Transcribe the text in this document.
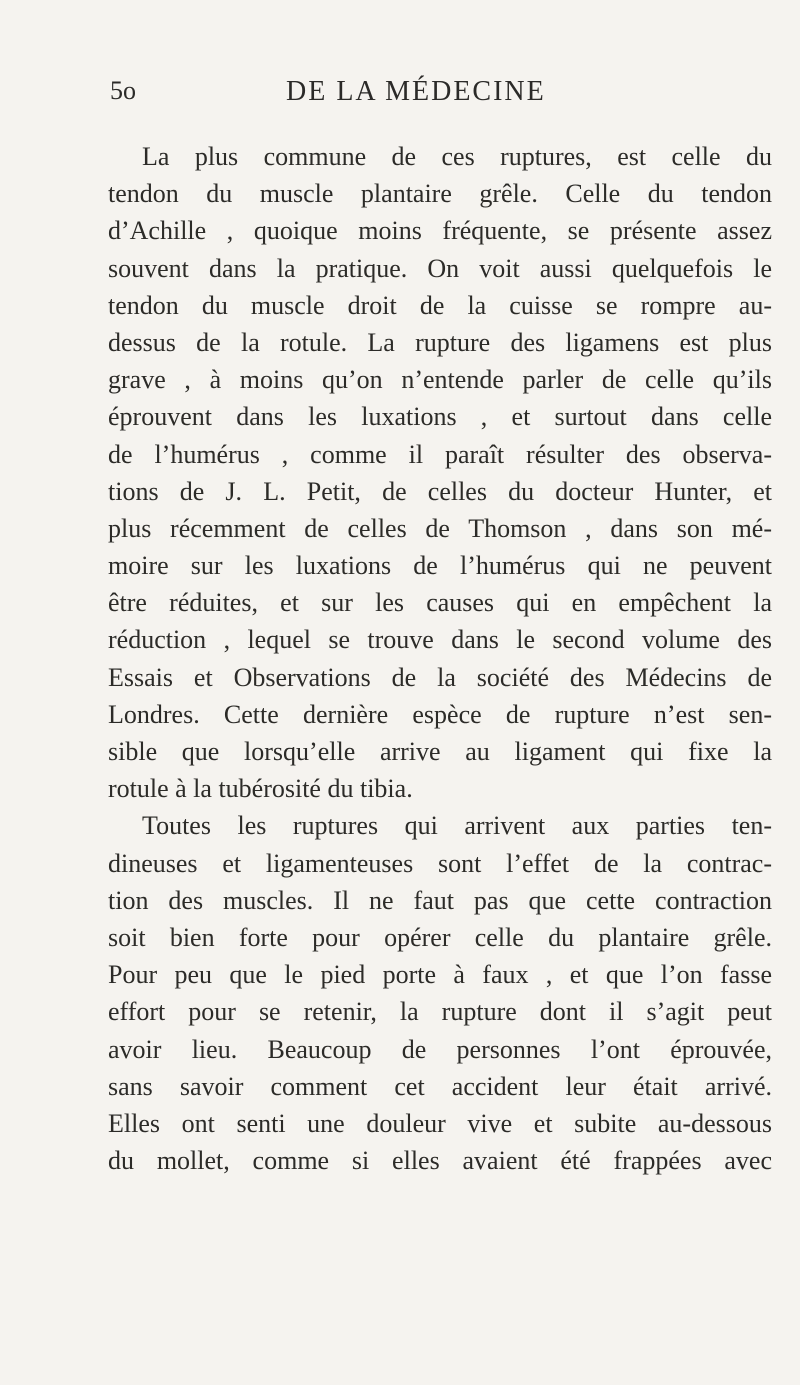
5o	DE LA MÉDECINE
La plus commune de ces ruptures, est celle du
tendon du muscle plantaire grêle. Celle du tendon
d’Achille , quoique moins fréquente, se présente assez
souvent dans la pratique. On voit aussi quelquefois le
tendon du muscle droit de la cuisse se rompre au-
dessus de la rotule. La rupture des ligamens est plus
grave , à moins qu’on n’entende parler de celle qu’ils
éprouvent dans les luxations , et surtout dans celle
de l’humérus , comme il paraît résulter des observa-
tions de J. L. Petit, de celles du docteur Hunter, et
plus récemment de celles de Thomson , dans son mé-
moire sur les luxations de l’humérus qui ne peuvent
être réduites, et sur les causes qui en empêchent la
réduction , lequel se trouve dans le second volume des
Essais et Observations de la société des Médecins de
Londres. Cette dernière espèce de rupture n’est sen-
sible que lorsqu’elle arrive au ligament qui fixe la
rotule à la tubérosité du tibia.
Toutes les ruptures qui arrivent aux parties ten-
dineuses et ligamenteuses sont l’effet de la contrac-
tion des muscles. Il ne faut pas que cette contraction
soit bien forte pour opérer celle du plantaire grêle.
Pour peu que le pied porte à faux , et que l’on fasse
effort pour se retenir, la rupture dont il s’agit peut
avoir lieu. Beaucoup de personnes l’ont éprouvée,
sans savoir comment cet accident leur était arrivé.
Elles ont senti une douleur vive et subite au-dessous
du mollet, comme si elles avaient été frappées avec
